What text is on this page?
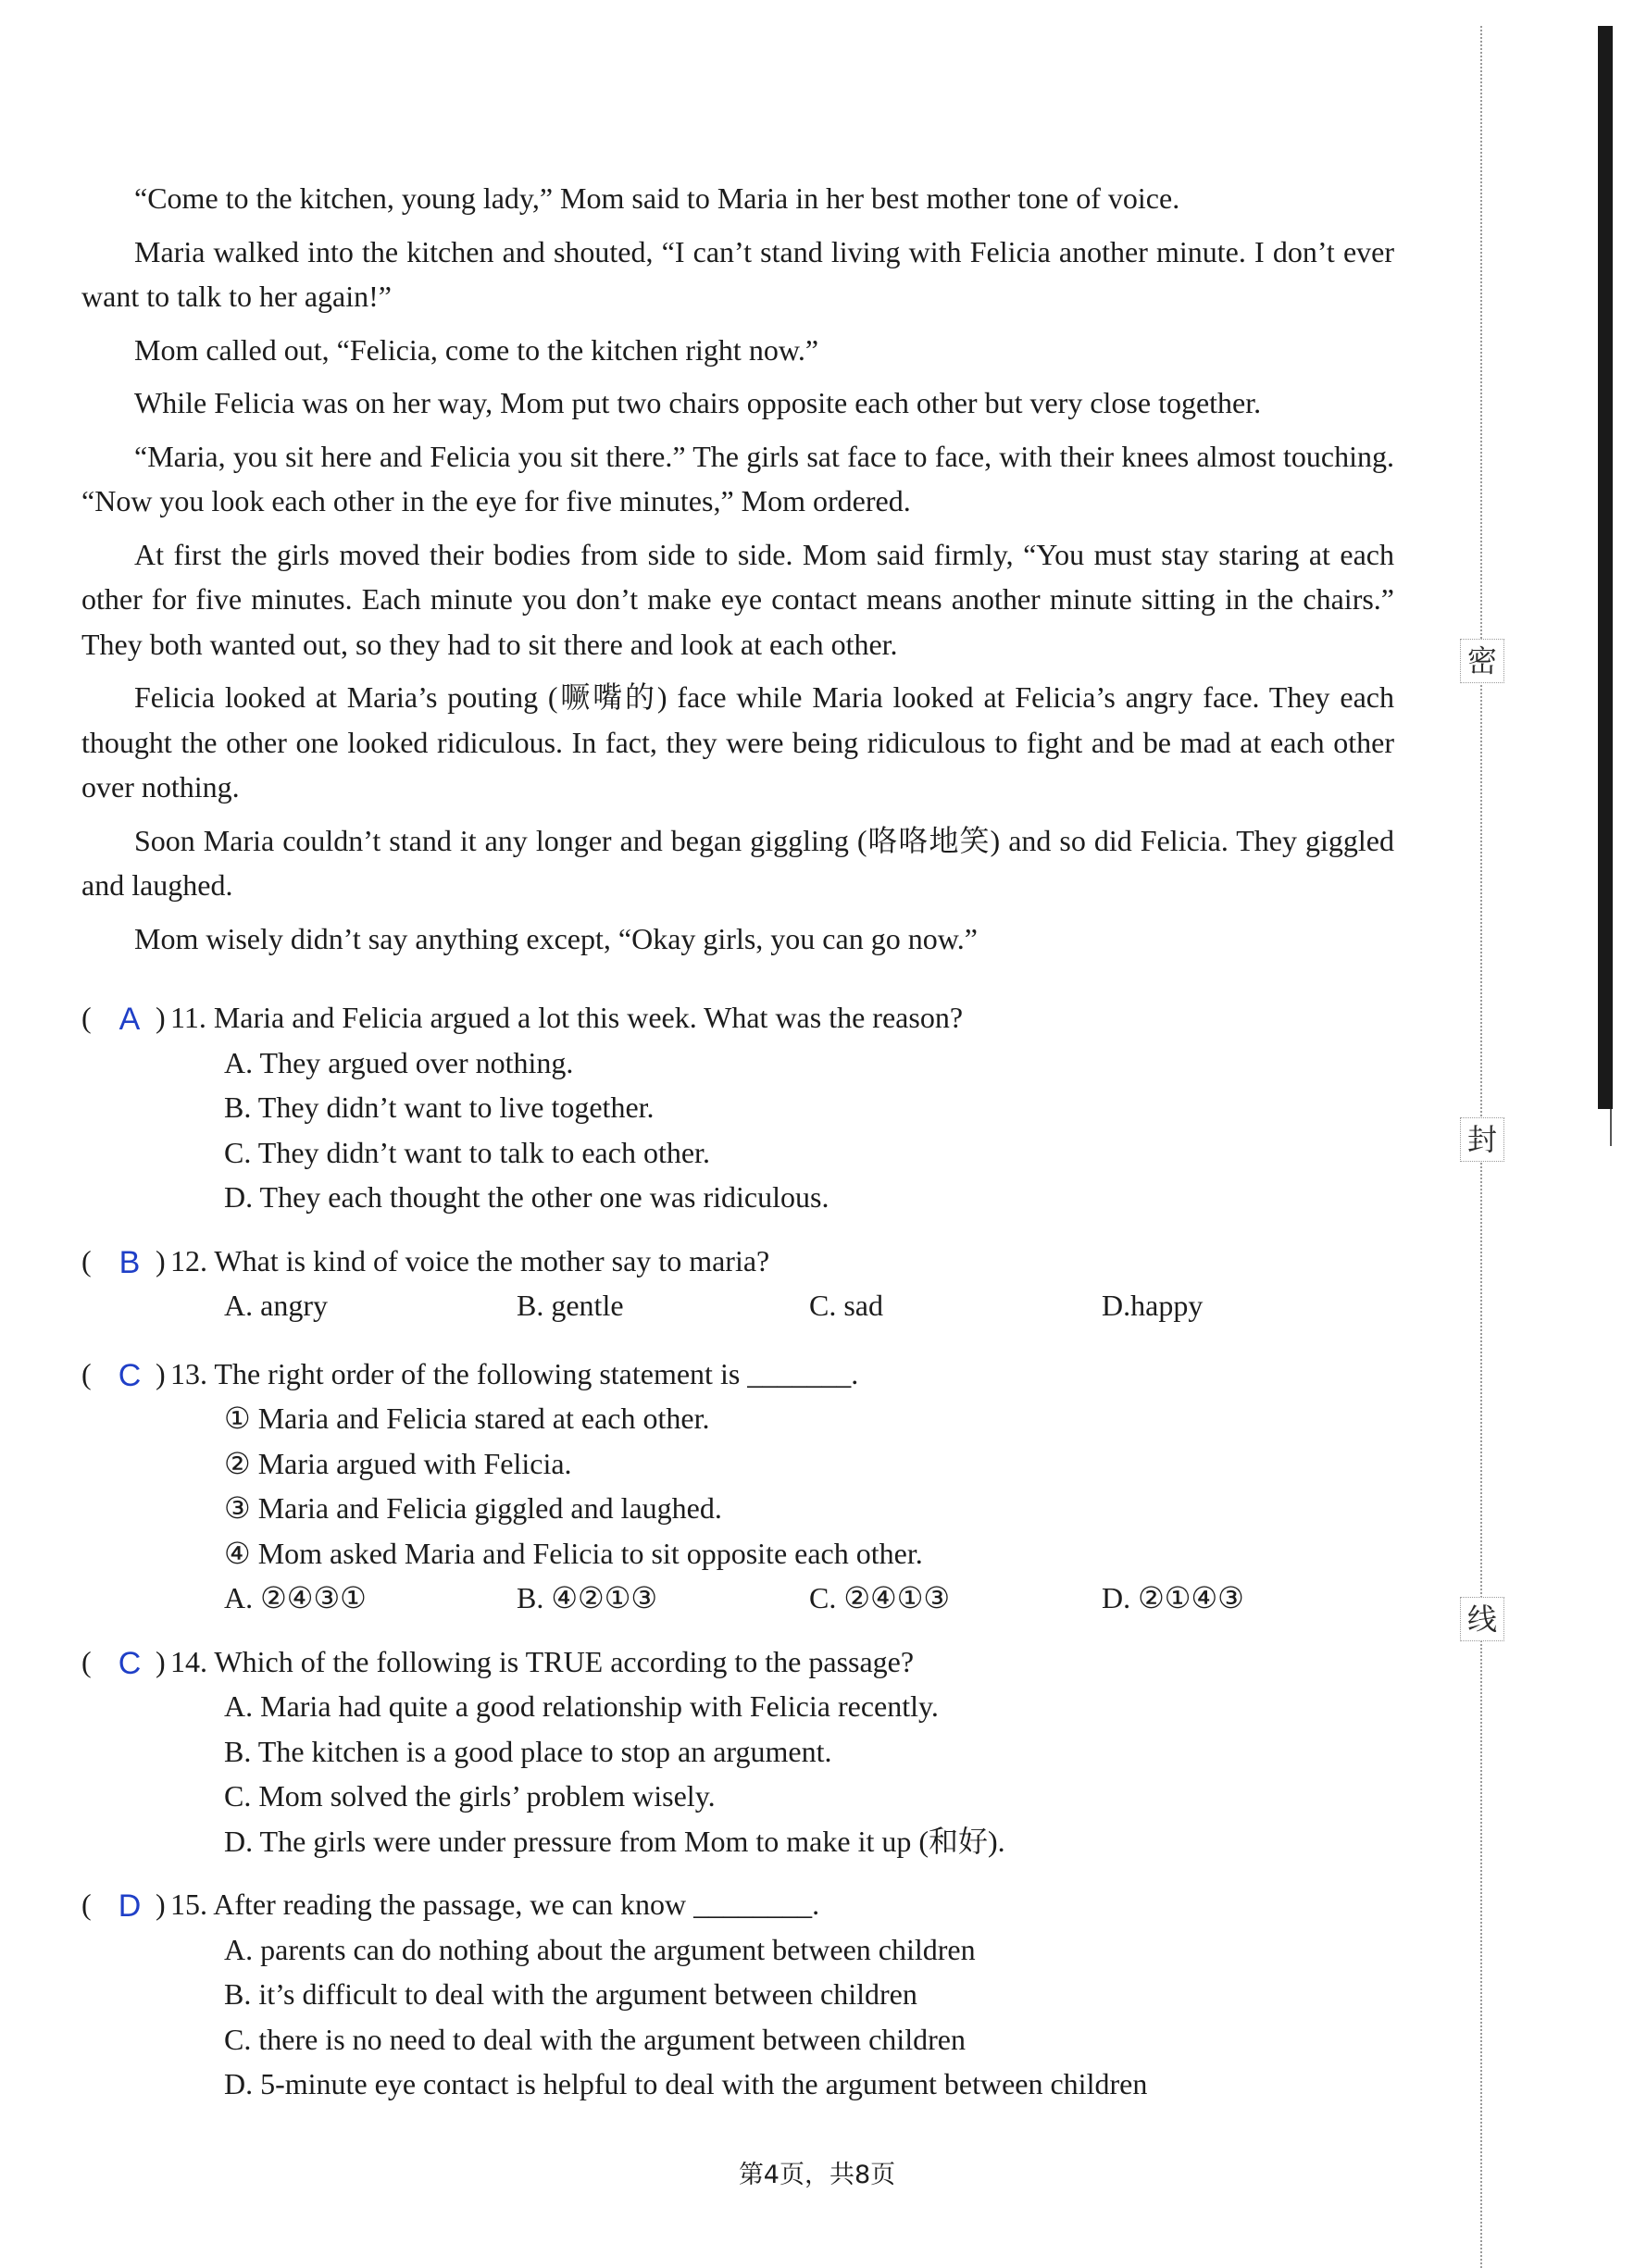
密
封
线

“Come to the kitchen, young lady,” Mom said to Maria in her best mother tone of voice.

Maria walked into the kitchen and shouted, “I can’t stand living with Felicia another minute. I don’t ever want to talk to her again!”

Mom called out, “Felicia, come to the kitchen right now.”

While Felicia was on her way, Mom put two chairs opposite each other but very close together.

“Maria, you sit here and Felicia you sit there.” The girls sat face to face, with their knees almost touching. “Now you look each other in the eye for five minutes,” Mom ordered.

At first the girls moved their bodies from side to side. Mom said firmly, “You must stay staring at each other for five minutes. Each minute you don’t make eye contact means another minute sitting in the chairs.” They both wanted out, so they had to sit there and look at each other.

Felicia looked at Maria’s pouting (噘嘴的) face while Maria looked at Felicia’s angry face. They each thought the other one looked ridiculous. In fact, they were being ridiculous to fight and be mad at each other over nothing.

Soon Maria couldn’t stand it any longer and began giggling (咯咯地笑) and so did Felicia. They giggled and laughed.

Mom wisely didn’t say anything except, “Okay girls, you can go now.”

( A ) 11. Maria and Felicia argued a lot this week. What was the reason?
A. They argued over nothing.
B. They didn’t want to live together.
C. They didn’t want to talk to each other.
D. They each thought the other one was ridiculous.
( B ) 12. What is kind of voice the mother say to maria?
A. angry	B. gentle	C. sad	D.happy
( C ) 13. The right order of the following statement is _______.
① Maria and Felicia stared at each other.
② Maria argued with Felicia.
③ Maria and Felicia giggled and laughed.
④ Mom asked Maria and Felicia to sit opposite each other.
A. ②④③①	B. ④②①③	C. ②④①③	D. ②①④③
( C ) 14. Which of the following is TRUE according to the passage?
A. Maria had quite a good relationship with Felicia recently.
B. The kitchen is a good place to stop an argument.
C. Mom solved the girls’ problem wisely.
D. The girls were under pressure from Mom to make it up (和好).
( D ) 15. After reading the passage, we can know ________.
A. parents can do nothing about the argument between children
B. it’s difficult to deal with the argument between children
C. there is no need to deal with the argument between children
D. 5-minute eye contact is helpful to deal with the argument between children
第4页，共8页
